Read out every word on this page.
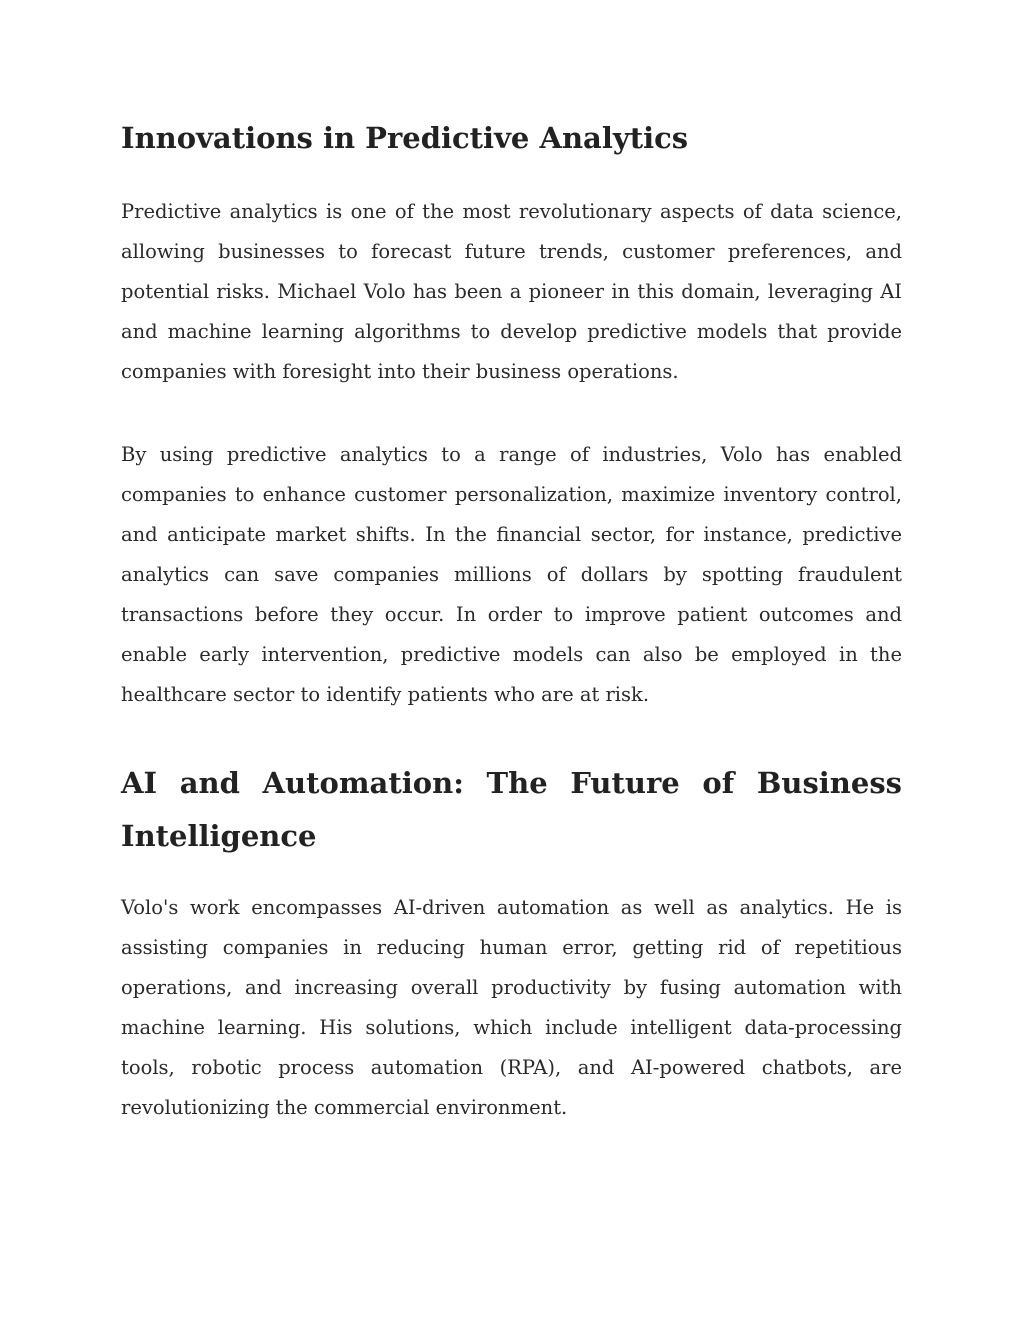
Innovations in Predictive Analytics

Predictive analytics is one of the most revolutionary aspects of data science, allowing businesses to forecast future trends, customer preferences, and potential risks. Michael Volo has been a pioneer in this domain, leveraging AI and machine learning algorithms to develop predictive models that provide companies with foresight into their business operations.

By using predictive analytics to a range of industries, Volo has enabled companies to enhance customer personalization, maximize inventory control, and anticipate market shifts. In the financial sector, for instance, predictive analytics can save companies millions of dollars by spotting fraudulent transactions before they occur. In order to improve patient outcomes and enable early intervention, predictive models can also be employed in the healthcare sector to identify patients who are at risk.

AI and Automation: The Future of Business Intelligence

Volo's work encompasses AI-driven automation as well as analytics. He is assisting companies in reducing human error, getting rid of repetitious operations, and increasing overall productivity by fusing automation with machine learning. His solutions, which include intelligent data-processing tools, robotic process automation (RPA), and AI-powered chatbots, are revolutionizing the commercial environment.
